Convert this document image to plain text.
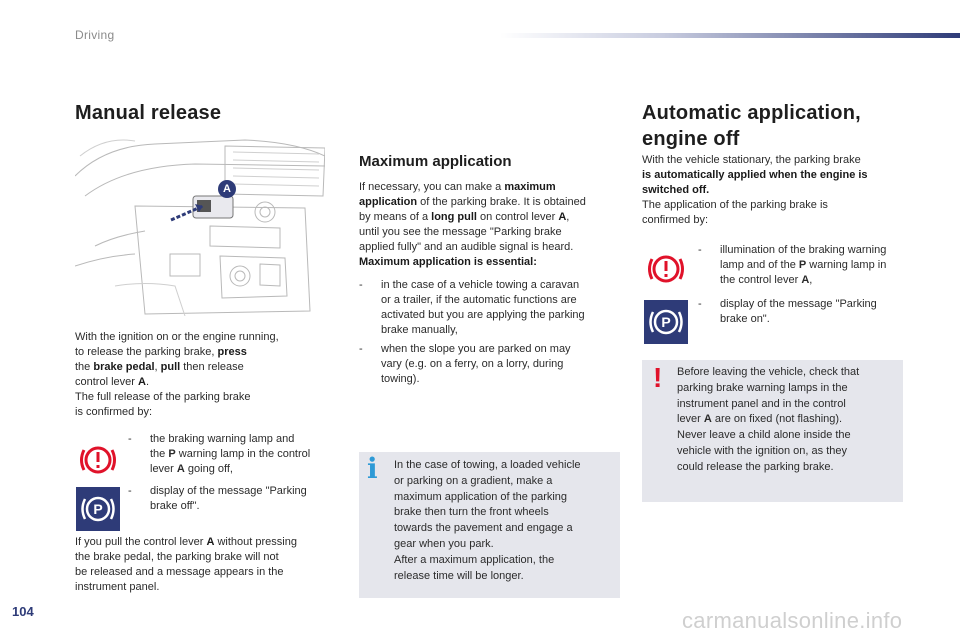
Driving
Manual release
A
With the ignition on or the engine running,
to release the parking brake, press
the brake pedal, pull then release
control lever A.
The full release of the parking brake
is confirmed by:
- the braking warning lamp and
the P warning lamp in the control
lever A going off,
P
- display of the message "Parking
brake off".
If you pull the control lever A without pressing
the brake pedal, the parking brake will not
be released and a message appears in the
instrument panel.
Maximum application
If necessary, you can make a maximum
application of the parking brake. It is obtained
by means of a long pull on control lever A,
until you see the message "Parking brake
applied fully" and an audible signal is heard.
Maximum application is essential:
- in the case of a vehicle towing a caravan
or a trailer, if the automatic functions are
activated but you are applying the parking
brake manually,
- when the slope you are parked on may
vary (e.g. on a ferry, on a lorry, during
towing).
i In the case of towing, a loaded vehicle
or parking on a gradient, make a
maximum application of the parking
brake then turn the front wheels
towards the pavement and engage a
gear when you park.
After a maximum application, the
release time will be longer.
Automatic application,
engine off
With the vehicle stationary, the parking brake
is automatically applied when the engine is
switched off.
The application of the parking brake is
confirmed by:
- illumination of the braking warning
lamp and of the P warning lamp in
the control lever A,
P
- display of the message "Parking
brake on".
! Before leaving the vehicle, check that
parking brake warning lamps in the
instrument panel and in the control
lever A are on fixed (not flashing).
Never leave a child alone inside the
vehicle with the ignition on, as they
could release the parking brake.
104	carmanualsonline.info
